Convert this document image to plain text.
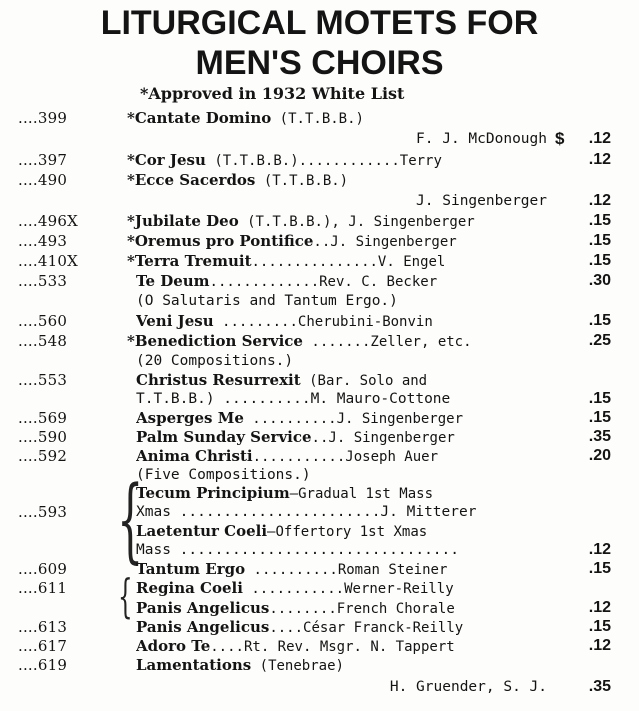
LITURGICAL MOTETS FOR
MEN'S CHOIRS
*Approved in 1932 White List
....399	*Cantate Domino (T.T.B.B.)
F. J. McDonough $	.12
....397	*Cor Jesu (T.T.B.B.)............Terry	.12
....490	*Ecce Sacerdos (T.T.B.B.)
J. Singenberger	.12
....496X	*Jubilate Deo (T.T.B.B.), J. Singenberger	.15
....493	*Oremus pro Pontifice..J. Singenberger	.15
....410X	*Terra Tremuit...............V. Engel	.15
....533	Te Deum.............Rev. C. Becker	.30
(O Salutaris and Tantum Ergo.)
....560	Veni Jesu .........Cherubini-Bonvin	.15
....548	*Benediction Service .......Zeller, etc.	.25
(20 Compositions.)
....553	Christus Resurrexit (Bar. Solo and
T.T.B.B.) ..........M. Mauro-Cottone	.15
....569	Asperges Me ..........J. Singenberger	.15
....590	Palm Sunday Service..J. Singenberger	.35
....592	Anima Christi...........Joseph Auer	.20
(Five Compositions.)
{
Tecum Principium—Gradual 1st Mass
....593	Xmas .......................J. Mitterer
Laetentur Coeli—Offertory 1st Xmas
Mass ................................	.12
....609	Tantum Ergo ..........Roman Steiner	.15
{
....611	Regina Coeli ...........Werner-Reilly
Panis Angelicus........French Chorale	.12
....613	Panis Angelicus....César Franck-Reilly	.15
....617	Adoro Te....Rt. Rev. Msgr. N. Tappert	.12
....619	Lamentations (Tenebrae)
H. Gruender, S. J.	.35
